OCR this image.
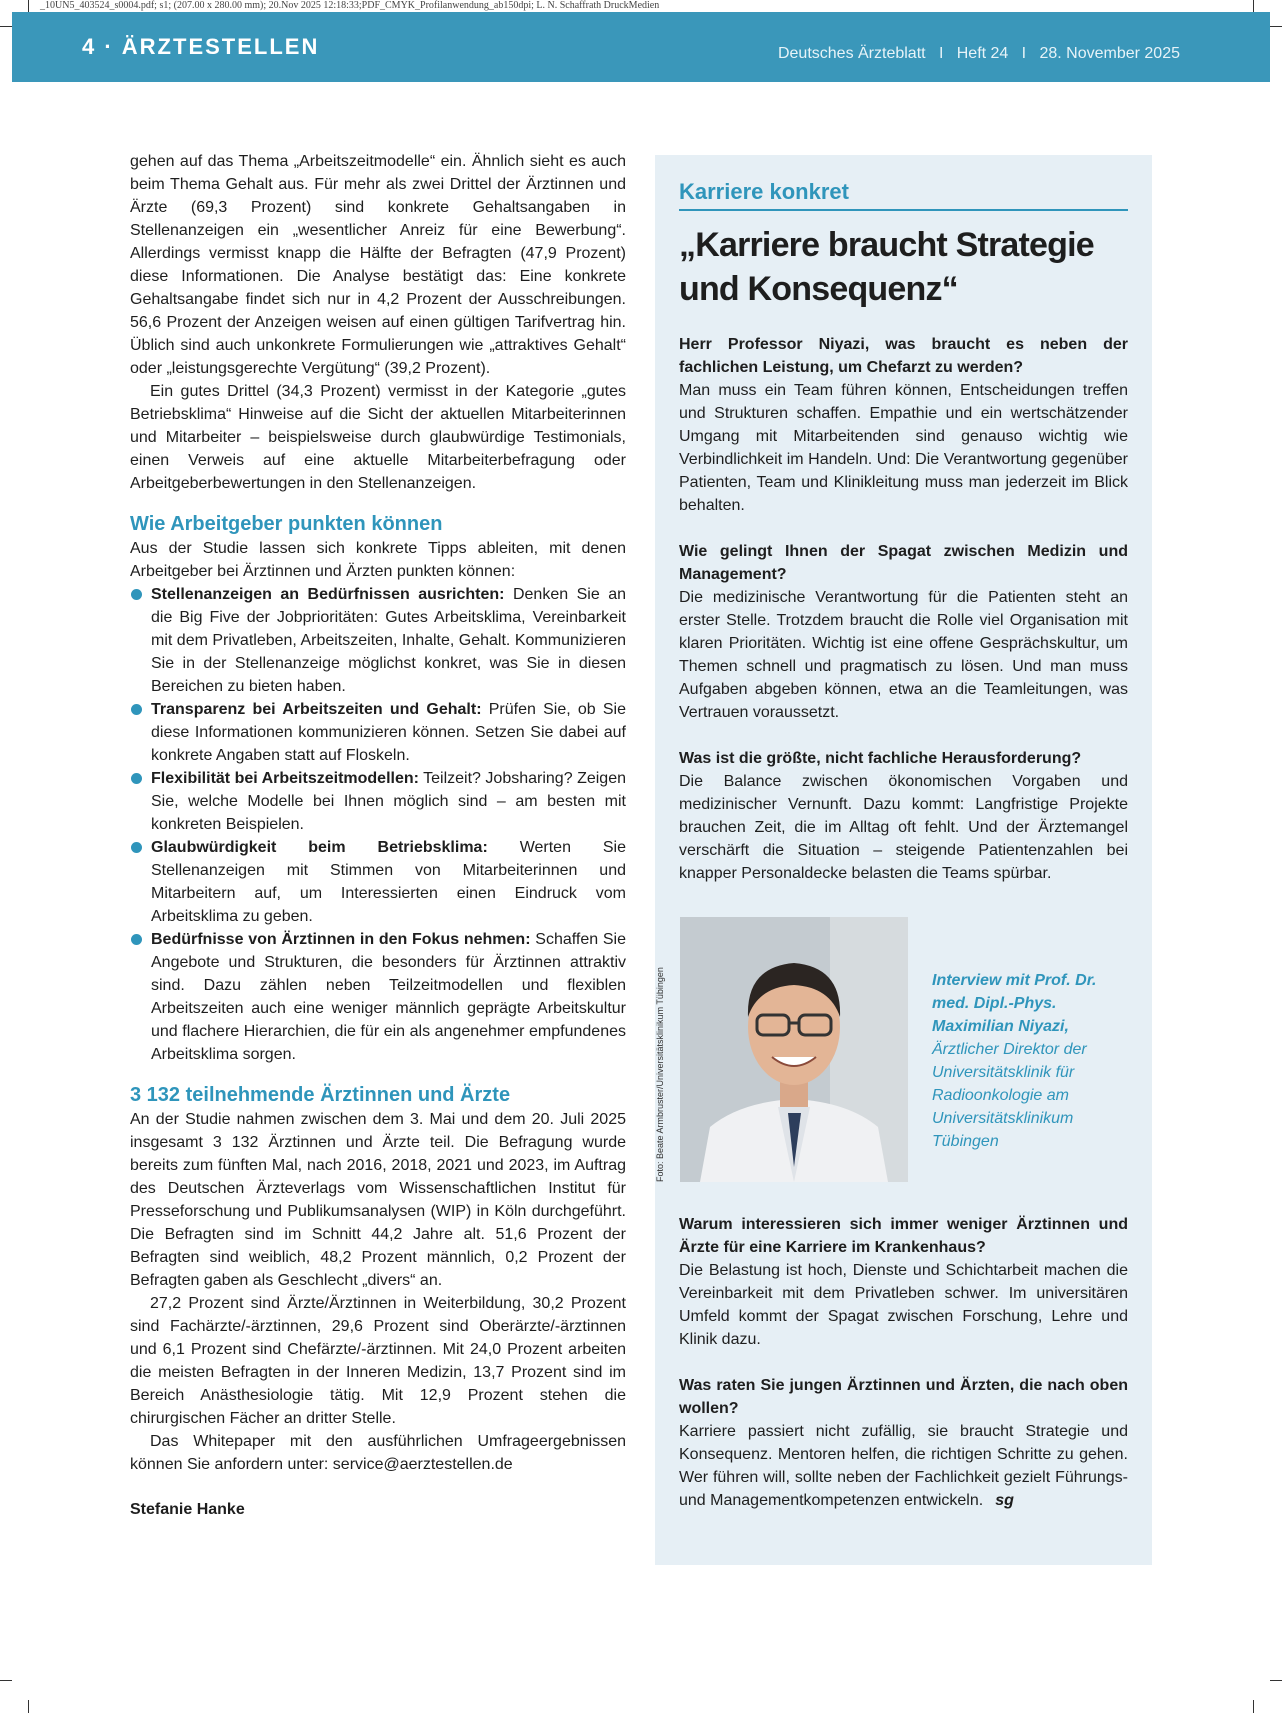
_10UN5_403524_s0004.pdf; s1; (207.00 x 280.00 mm); 20.Nov 2025 12:18:33;PDF_CMYK_Profilanwendung_ab150dpi; L. N. Schaffrath DruckMedien
4 · ÄRZTESTELLEN	Deutsches Ärzteblatt I Heft 24 I 28. November 2025

gehen auf das Thema „Arbeitszeitmodelle“ ein. Ähnlich sieht es auch beim Thema Gehalt aus. Für mehr als zwei Drittel der Ärztinnen und Ärzte (69,3 Prozent) sind konkrete Gehaltsangaben in Stellenanzeigen ein „wesentlicher Anreiz für eine Bewerbung“. Allerdings vermisst knapp die Hälfte der Befragten (47,9 Prozent) diese Informationen. Die Analyse bestätigt das: Eine konkrete Gehaltsangabe findet sich nur in 4,2 Prozent der Ausschreibungen. 56,6 Prozent der Anzeigen weisen auf einen gültigen Tarifvertrag hin. Üblich sind auch unkonkrete Formulierungen wie „attraktives Gehalt“ oder „leistungsgerechte Vergütung“ (39,2 Prozent).

Ein gutes Drittel (34,3 Prozent) vermisst in der Kategorie „gutes Betriebsklima“ Hinweise auf die Sicht der aktuellen Mitarbeiterinnen und Mitarbeiter – beispielsweise durch glaubwürdige Testimonials, einen Verweis auf eine aktuelle Mitarbeiterbefragung oder Arbeitgeberbewertungen in den Stellenanzeigen.

Wie Arbeitgeber punkten können

Aus der Studie lassen sich konkrete Tipps ableiten, mit denen Arbeitgeber bei Ärztinnen und Ärzten punkten können:

Stellenanzeigen an Bedürfnissen ausrichten: Denken Sie an die Big Five der Jobprioritäten: Gutes Arbeitsklima, Vereinbarkeit mit dem Privatleben, Arbeitszeiten, Inhalte, Gehalt. Kommunizieren Sie in der Stellenanzeige möglichst konkret, was Sie in diesen Bereichen zu bieten haben.
Transparenz bei Arbeitszeiten und Gehalt: Prüfen Sie, ob Sie diese Informationen kommunizieren können. Setzen Sie dabei auf konkrete Angaben statt auf Floskeln.
Flexibilität bei Arbeitszeitmodellen: Teilzeit? Jobsharing? Zeigen Sie, welche Modelle bei Ihnen möglich sind – am besten mit konkreten Beispielen.
Glaubwürdigkeit beim Betriebsklima: Werten Sie Stellenanzeigen mit Stimmen von Mitarbeiterinnen und Mitarbeitern auf, um Interessierten einen Eindruck vom Arbeitsklima zu geben.
Bedürfnisse von Ärztinnen in den Fokus nehmen: Schaffen Sie Angebote und Strukturen, die besonders für Ärztinnen attraktiv sind. Dazu zählen neben Teilzeitmodellen und flexiblen Arbeitszeiten auch eine weniger männlich geprägte Arbeitskultur und flachere Hierarchien, die für ein als angenehmer empfundenes Arbeitsklima sorgen.
3 132 teilnehmende Ärztinnen und Ärzte

An der Studie nahmen zwischen dem 3. Mai und dem 20. Juli 2025 insgesamt 3 132 Ärztinnen und Ärzte teil. Die Befragung wurde bereits zum fünften Mal, nach 2016, 2018, 2021 und 2023, im Auftrag des Deutschen Ärzteverlags vom Wissenschaftlichen Institut für Presseforschung und Publikumsanalysen (WIP) in Köln durchgeführt. Die Befragten sind im Schnitt 44,2 Jahre alt. 51,6 Prozent der Befragten sind weiblich, 48,2 Prozent männlich, 0,2 Prozent der Befragten gaben als Geschlecht „divers“ an.

27,2 Prozent sind Ärzte/Ärztinnen in Weiterbildung, 30,2 Prozent sind Fachärzte/-ärztinnen, 29,6 Prozent sind Oberärzte/-ärztinnen und 6,1 Prozent sind Chefärzte/-ärztinnen. Mit 24,0 Prozent arbeiten die meisten Befragten in der Inneren Medizin, 13,7 Prozent sind im Bereich Anästhesiologie tätig. Mit 12,9 Prozent stehen die chirurgischen Fächer an dritter Stelle.

Das Whitepaper mit den ausführlichen Umfrageergebnissen können Sie anfordern unter: service@aerztestellen.de

Stefanie Hanke
Karriere konkret
„Karriere braucht Strategie und Konsequenz“

Herr Professor Niyazi, was braucht es neben der fachlichen Leistung, um Chefarzt zu werden?

Man muss ein Team führen können, Entscheidungen treffen und Strukturen schaffen. Empathie und ein wertschätzender Umgang mit Mitarbeitenden sind genauso wichtig wie Verbindlichkeit im Handeln. Und: Die Verantwortung gegenüber Patienten, Team und Klinikleitung muss man jederzeit im Blick behalten.

Wie gelingt Ihnen der Spagat zwischen Medizin und Management?

Die medizinische Verantwortung für die Patienten steht an erster Stelle. Trotzdem braucht die Rolle viel Organisation mit klaren Prioritäten. Wichtig ist eine offene Gesprächskultur, um Themen schnell und pragmatisch zu lösen. Und man muss Aufgaben abgeben können, etwa an die Teamleitungen, was Vertrauen voraussetzt.

Was ist die größte, nicht fachliche Herausforderung?

Die Balance zwischen ökonomischen Vorgaben und medizinischer Vernunft. Dazu kommt: Langfristige Projekte brauchen Zeit, die im Alltag oft fehlt. Und der Ärztemangel verschärft die Situation – steigende Patientenzahlen bei knapper Personaldecke belasten die Teams spürbar.

Foto: Beate Armbruster/Universitätsklinikum Tübingen	Interview mit Prof. Dr. med. Dipl.-Phys. Maximilian Niyazi, Ärztlicher Direktor der Universitätsklinik für Radioonkologie am Universitätsklinikum Tübingen

Warum interessieren sich immer weniger Ärztinnen und Ärzte für eine Karriere im Krankenhaus?

Die Belastung ist hoch, Dienste und Schichtarbeit machen die Vereinbarkeit mit dem Privatleben schwer. Im universitären Umfeld kommt der Spagat zwischen Forschung, Lehre und Klinik dazu.

Was raten Sie jungen Ärztinnen und Ärzten, die nach oben wollen?

Karriere passiert nicht zufällig, sie braucht Strategie und Konsequenz. Mentoren helfen, die richtigen Schritte zu gehen. Wer führen will, sollte neben der Fachlichkeit gezielt Führungs- und Managementkompetenzen entwickeln. sg
